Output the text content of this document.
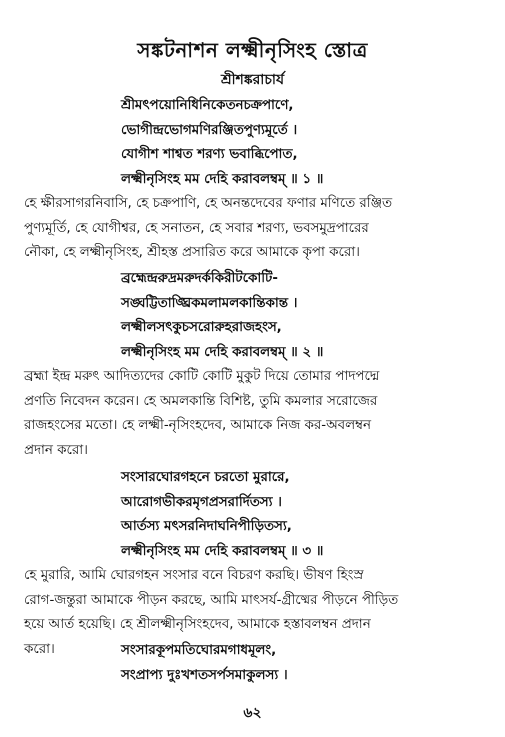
সঙ্কটনাশন লক্ষ্মীনৃসিংহ স্তোত্র
শ্রীশঙ্করাচার্য
শ্রীমৎপয়োনিধিনিকেতনচক্রপাণে,
ভোগীন্দ্রভোগমণিরঞ্জিতপুণ্যমূর্তে ।
যোগীশ শাশ্বত শরণ্য ভবাব্ধিপোত,
লক্ষ্মীনৃসিংহ মম দেহি করাবলম্বম্ ॥ ১ ॥
হে ক্ষীরসাগরনিবাসি, হে চক্রপাণি, হে অনন্তদেবের ফণার মণিতে রঞ্জিত
পুণ্যমূর্তি, হে যোগীশ্বর, হে সনাতন, হে সবার শরণ্য, ভবসমুদ্রপারের
নৌকা, হে লক্ষ্মীনৃসিংহ, শ্রীহস্ত প্রসারিত করে আমাকে কৃপা করো।
ব্রহ্মেন্দ্ররুদ্রমরুদর্ককিরীটকোটি-
সঙ্ঘট্টিতাঙ্ঘ্রিকমলামলকান্তিকান্ত ।
লক্ষ্মীলসৎকুচসরোরুহরাজহংস,
লক্ষ্মীনৃসিংহ মম দেহি করাবলম্বম্ ॥ ২ ॥
ব্রহ্মা ইন্দ্র মরুৎ আদিত্যদের কোটি কোটি মুকুট দিয়ে তোমার পাদপদ্মে
প্রণতি নিবেদন করেন। হে অমলকান্তি বিশিষ্ট, তুমি কমলার সরোজের
রাজহংসের মতো। হে লক্ষ্মী-নৃসিংহদেব, আমাকে নিজ কর-অবলম্বন
প্রদান করো।
সংসারঘোরগহনে চরতো মুরারে,
আরোগভীকরমৃগপ্রসরার্দিতস্য ।
আর্তস্য মৎসরনিদাঘনিপীড়িতস্য,
লক্ষ্মীনৃসিংহ মম দেহি করাবলম্বম্ ॥ ৩ ॥
হে মুরারি, আমি ঘোরগহন সংসার বনে বিচরণ করছি। ভীষণ হিংস্র
রোগ-জন্তুরা আমাকে পীড়ন করছে, আমি মাৎসর্য-গ্রীষ্মের পীড়নে পীড়িত
হয়ে আর্ত হয়েছি। হে শ্রীলক্ষ্মীনৃসিংহদেব, আমাকে হস্তাবলম্বন প্রদান
করো।	সংসারকূপমতিঘোরমগাধমূলং,
সংপ্রাপ্য দুঃখশতসর্পসমাকুলস্য ।
৬২
